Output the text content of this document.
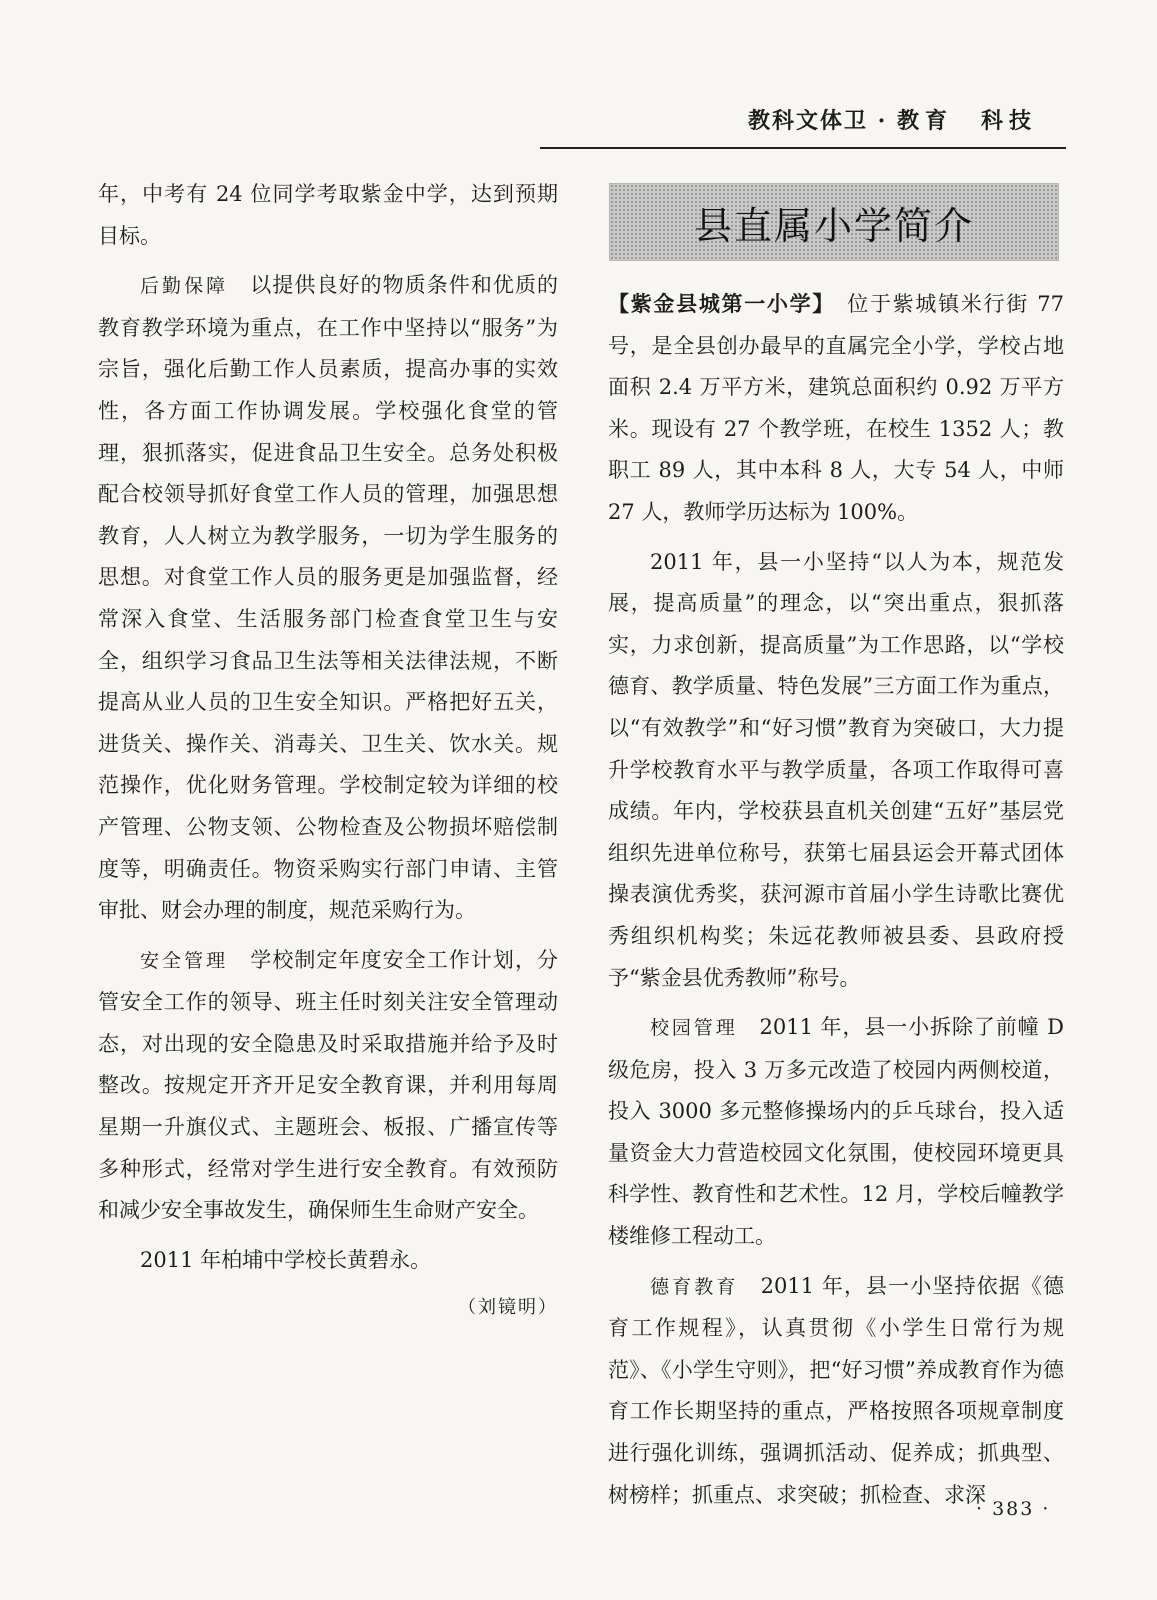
教科文体卫 · 教育　科技

年，中考有 24 位同学考取紫金中学，达到预期目标。

后勤保障　 以提供良好的物质条件和优质的教育教学环境为重点，在工作中坚持以“服务”为宗旨，强化后勤工作人员素质，提高办事的实效性，各方面工作协调发展。学校强化食堂的管理，狠抓落实，促进食品卫生安全。总务处积极配合校领导抓好食堂工作人员的管理，加强思想教育，人人树立为教学服务，一切为学生服务的思想。对食堂工作人员的服务更是加强监督，经常深入食堂、生活服务部门检查食堂卫生与安全，组织学习食品卫生法等相关法律法规，不断提高从业人员的卫生安全知识。严格把好五关，进货关、操作关、消毒关、卫生关、饮水关。规范操作，优化财务管理。学校制定较为详细的校产管理、公物支领、公物检查及公物损坏赔偿制度等，明确责任。物资采购实行部门申请、主管审批、财会办理的制度，规范采购行为。

安全管理　 学校制定年度安全工作计划，分管安全工作的领导、班主任时刻关注安全管理动态，对出现的安全隐患及时采取措施并给予及时整改。按规定开齐开足安全教育课，并利用每周星期一升旗仪式、主题班会、板报、广播宣传等多种形式，经常对学生进行安全教育。有效预防和减少安全事故发生，确保师生生命财产安全。

2011 年柏埔中学校长黄碧永。

（刘镜明）
县直属小学简介

【紫金县城第一小学】　 位于紫城镇米行街 77 号，是全县创办最早的直属完全小学，学校占地面积 2.4 万平方米，建筑总面积约 0.92 万平方米。现设有 27 个教学班，在校生 1352 人；教职工 89 人，其中本科 8 人，大专 54 人，中师 27 人，教师学历达标为 100%。

2011 年，县一小坚持“以人为本，规范发展，提高质量”的理念，以“突出重点，狠抓落实，力求创新，提高质量”为工作思路，以“学校德育、教学质量、特色发展”三方面工作为重点，以“有效教学”和“好习惯”教育为突破口，大力提升学校教育水平与教学质量，各项工作取得可喜成绩。年内，学校获县直机关创建“五好”基层党组织先进单位称号，获第七届县运会开幕式团体操表演优秀奖，获河源市首届小学生诗歌比赛优秀组织机构奖；朱远花教师被县委、县政府授予“紫金县优秀教师”称号。

校园管理　 2011 年，县一小拆除了前幢 D 级危房，投入 3 万多元改造了校园内两侧校道，投入 3000 多元整修操场内的乒乓球台，投入适量资金大力营造校园文化氛围，使校园环境更具科学性、教育性和艺术性。12 月，学校后幢教学楼维修工程动工。

德育教育　 2011 年，县一小坚持依据《德育工作规程》，认真贯彻《小学生日常行为规范》、《小学生守则》，把“好习惯”养成教育作为德育工作长期坚持的重点，严格按照各项规章制度进行强化训练，强调抓活动、促养成；抓典型、树榜样；抓重点、求突破；抓检查、求深

· 383 ·
